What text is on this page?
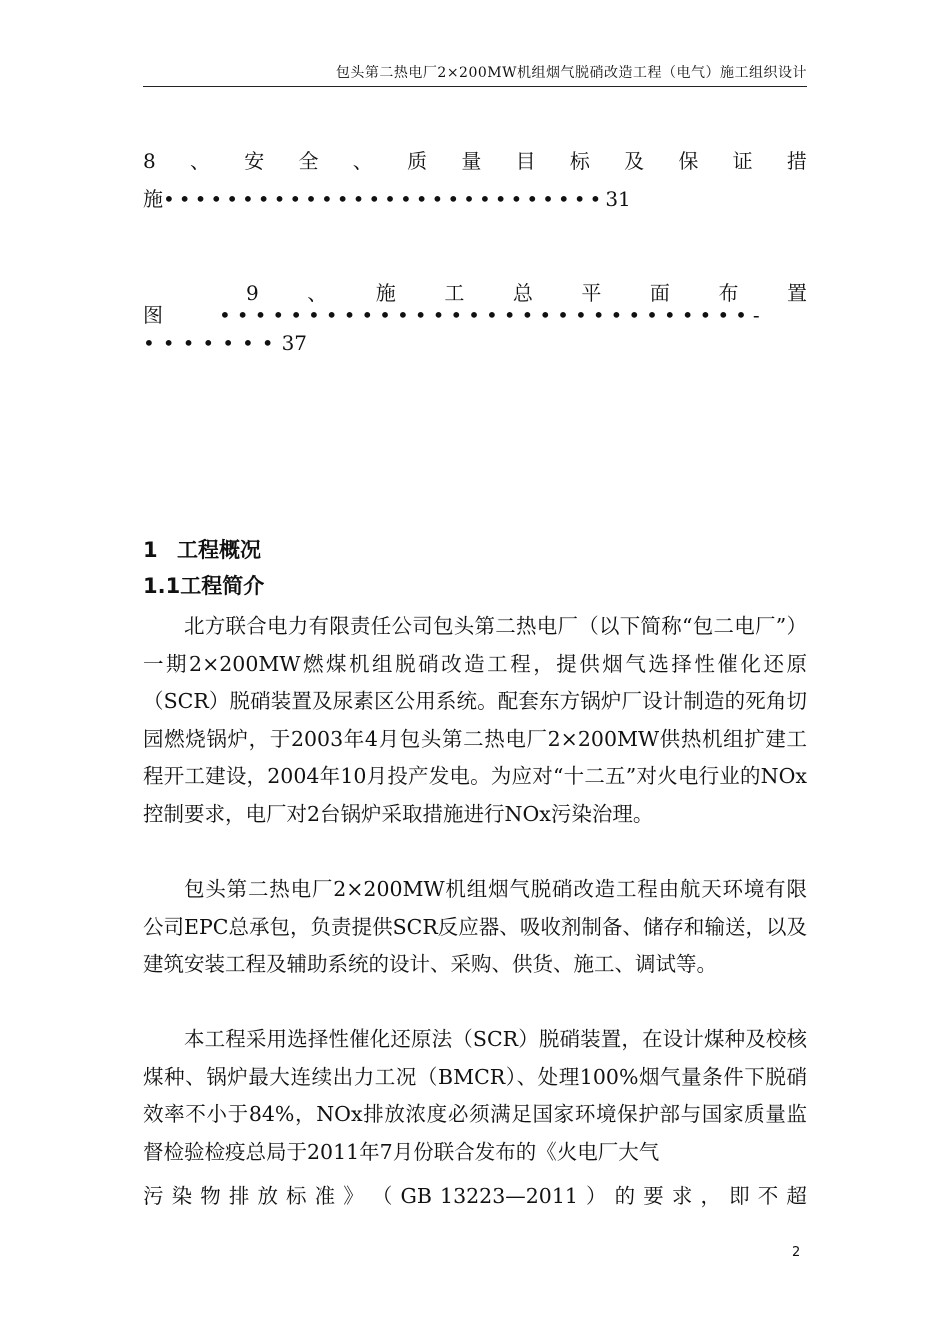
包头第二热电厂2×200MW机组烟气脱硝改造工程（电气）施工组织设计
8 、 安 全 、 质 量 目 标 及 保 证 措
施••••••••••••••••••••••••••••31
9 、 施 工 总 平 面 布 置
图	••••••••••••••••••••••••••••••-
•••••••37
1 工程概况
1.1工程简介

北方联合电力有限责任公司包头第二热电厂（以下简称“包二电厂”）一期2×200MW燃煤机组脱硝改造工程，提供烟气选择性催化还原（SCR）脱硝装置及尿素区公用系统。配套东方锅炉厂设计制造的死角切园燃烧锅炉，于2003年4月包头第二热电厂2×200MW供热机组扩建工程开工建设，2004年10月投产发电。为应对“十二五”对火电行业的NOx控制要求，电厂对2台锅炉采取措施进行NOx污染治理。

包头第二热电厂2×200MW机组烟气脱硝改造工程由航天环境有限公司EPC总承包，负责提供SCR反应器、吸收剂制备、储存和输送，以及建筑安装工程及辅助系统的设计、采购、供货、施工、调试等。

本工程采用选择性催化还原法（SCR）脱硝装置，在设计煤种及校核煤种、锅炉最大连续出力工况（BMCR）、处理100%烟气量条件下脱硝效率不小于84%，NOx排放浓度必须满足国家环境保护部与国家质量监督检验检疫总局于2011年7月份联合发布的《火电厂大气

污 染 物 排 放 标 准 》 （ GB 13223—2011 ） 的 要 求 ， 即 不 超
2
